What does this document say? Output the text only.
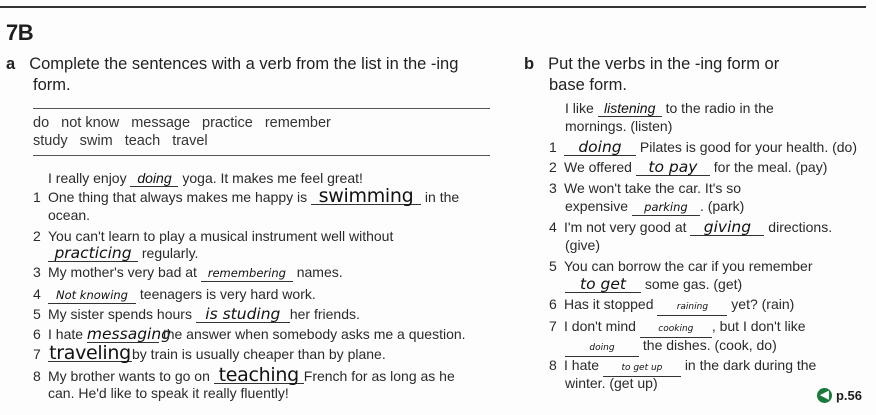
7B
a Complete the sentences with a verb from the list in the -ing
form.
do not know message practice remember
study swim teach travel
I really enjoy doing yoga. It makes me feel great!
1 One thing that always makes me happy is swimming in the
ocean.
2 You can't learn to play a musical instrument well without
practicing regularly.
3 My mother's very bad at remembering names.
4 Not knowing teenagers is very hard work.
5 My sister spends hours is studing her friends.
6 I hate messaging the answer when somebody asks me a question.
7 travelingby train is usually cheaper than by plane.
8 My brother wants to go on teaching French for as long as he
can. He'd like to speak it really fluently!
b Put the verbs in the -ing form or
base form.
I like listening to the radio in the
mornings. (listen)
1 doing Pilates is good for your health. (do)
2 We offered to pay for the meal. (pay)
3 We won't take the car. It's so
expensive parking . (park)
4 I'm not very good at giving directions.
(give)
5 You can borrow the car if you remember
to get some gas. (get)
6 Has it stopped	raining yet? (rain)
7 I don't mind cooking , but I don't like
doing the dishes. (cook, do)
8 I hate to get up in the dark during the
winter. (get up)
◀ p.56
